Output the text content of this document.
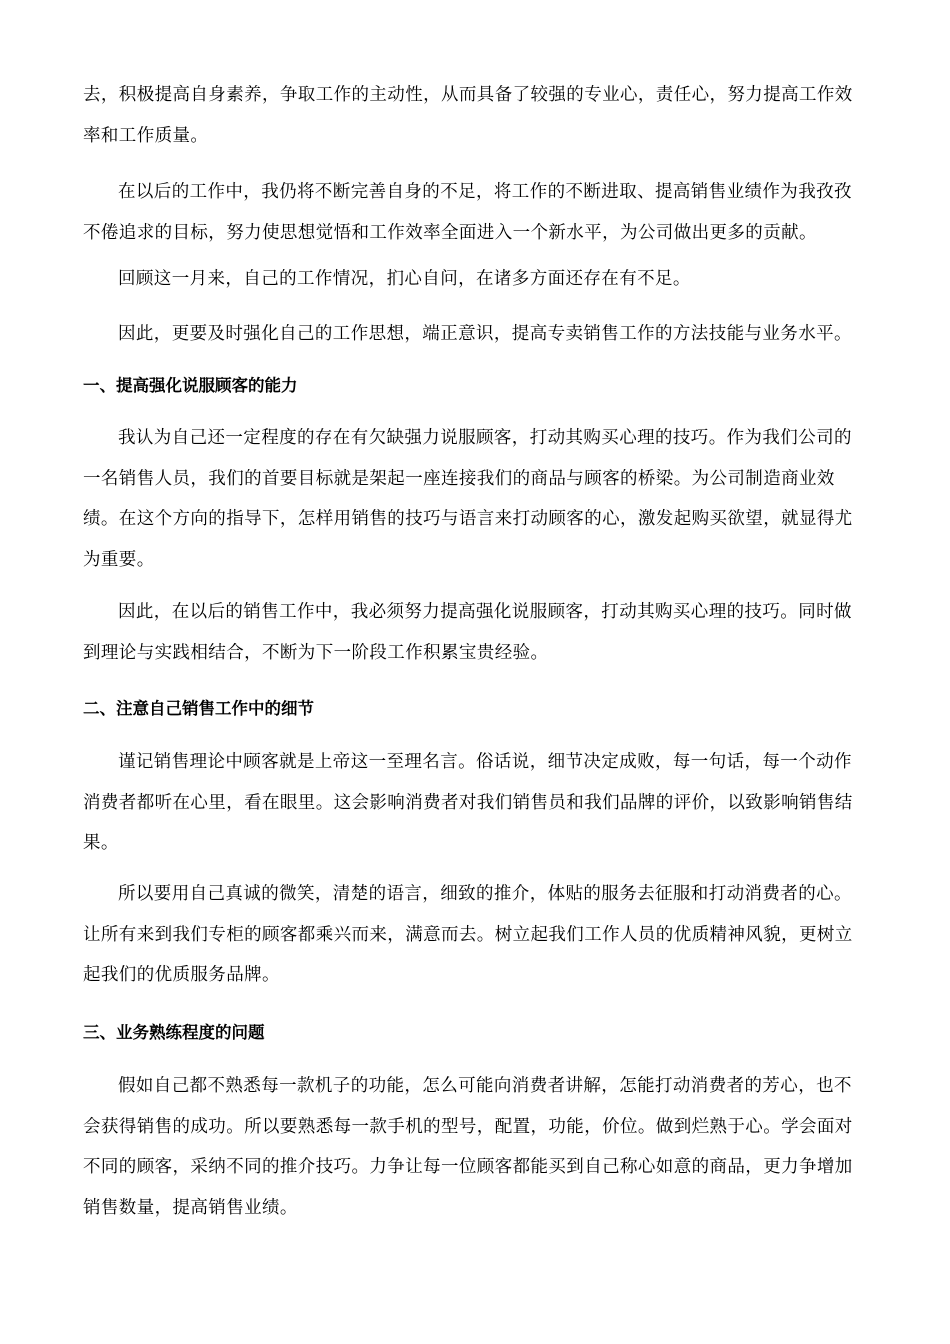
去，积极提高自身素养，争取工作的主动性，从而具备了较强的专业心，责任心，努力提高工作效率和工作质量。

在以后的工作中，我仍将不断完善自身的不足，将工作的不断进取、提高销售业绩作为我孜孜不倦追求的目标，努力使思想觉悟和工作效率全面进入一个新水平，为公司做出更多的贡献。

回顾这一月来，自己的工作情况，扪心自问，在诸多方面还存在有不足。

因此，更要及时强化自己的工作思想，端正意识，提高专卖销售工作的方法技能与业务水平。

一、提高强化说服顾客的能力

我认为自己还一定程度的存在有欠缺强力说服顾客，打动其购买心理的技巧。作为我们公司的一名销售人员，我们的首要目标就是架起一座连接我们的商品与顾客的桥梁。为公司制造商业效绩。在这个方向的指导下，怎样用销售的技巧与语言来打动顾客的心，激发起购买欲望，就显得尤为重要。

因此，在以后的销售工作中，我必须努力提高强化说服顾客，打动其购买心理的技巧。同时做到理论与实践相结合，不断为下一阶段工作积累宝贵经验。

二、注意自己销售工作中的细节

谨记销售理论中顾客就是上帝这一至理名言。俗话说，细节决定成败，每一句话，每一个动作消费者都听在心里，看在眼里。这会影响消费者对我们销售员和我们品牌的评价，以致影响销售结果。

所以要用自己真诚的微笑，清楚的语言，细致的推介，体贴的服务去征服和打动消费者的心。让所有来到我们专柜的顾客都乘兴而来，满意而去。树立起我们工作人员的优质精神风貌，更树立起我们的优质服务品牌。

三、业务熟练程度的问题

假如自己都不熟悉每一款机子的功能，怎么可能向消费者讲解，怎能打动消费者的芳心，也不会获得销售的成功。所以要熟悉每一款手机的型号，配置，功能，价位。做到烂熟于心。学会面对不同的顾客，采纳不同的推介技巧。力争让每一位顾客都能买到自己称心如意的商品，更力争增加销售数量，提高销售业绩。
